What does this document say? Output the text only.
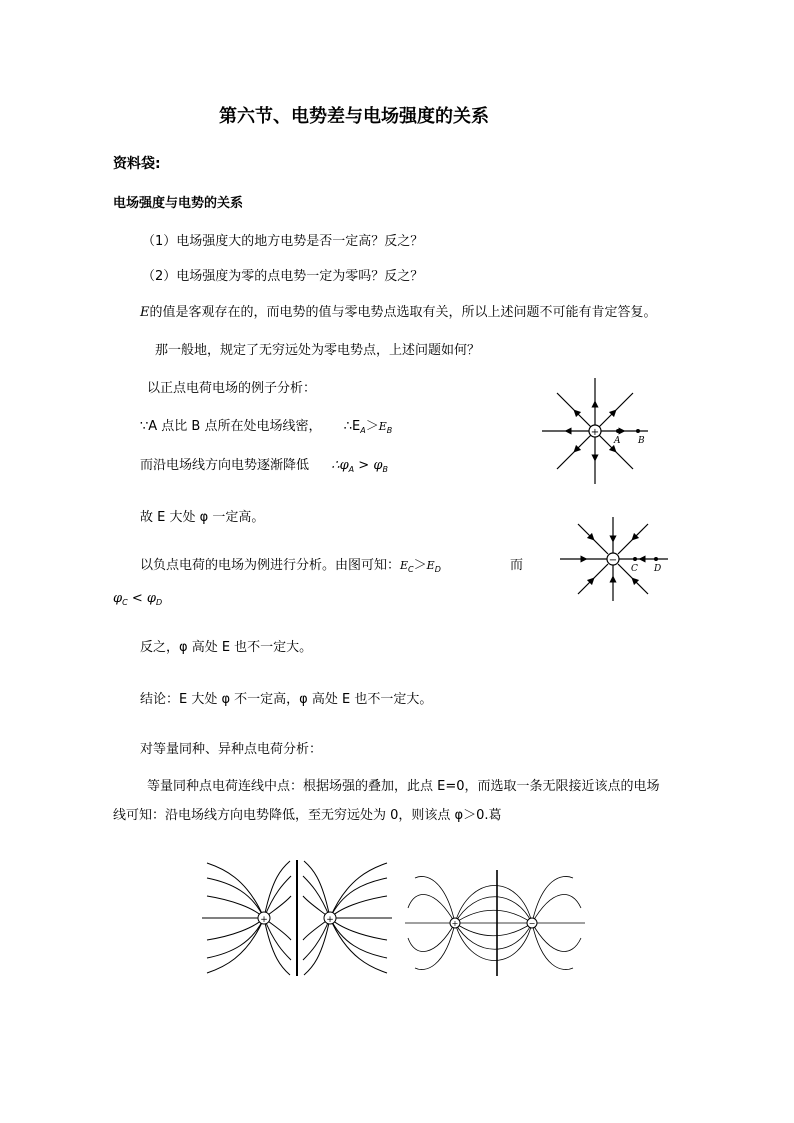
第六节、电势差与电场强度的关系
资料袋:
电场强度与电势的关系
（1）电场强度大的地方电势是否一定高？反之？
（2）电场强度为零的点电势一定为零吗？反之？
E的值是客观存在的，而电势的值与零电势点选取有关，所以上述问题不可能有肯定答复。
那一般地，规定了无穷远处为零电势点，上述问题如何？
以正点电荷电场的例子分析：
∵A 点比 B 点所在处电场线密， $\therefore E_A>E_B$
而沿电场线方向电势逐渐降低 $\therefore\varphi_A > \varphi_B$
故 E 大处 φ 一定高。
以负点电荷的电场为例进行分析。由图可知：$E_C>E_D$	而
$\varphi_C < \varphi_D$
反之，φ 高处 E 也不一定大。
结论：E 大处 φ 不一定高，φ 高处 E 也不一定大。
对等量同种、异种点电荷分析：
等量同种点电荷连线中点：根据场强的叠加，此点 E=0，而选取一条无限接近该点的电场
线可知：沿电场线方向电势降低，至无穷远处为 0，则该点 φ＞0.葛
+
A B
−
C D
+	+	+	−
